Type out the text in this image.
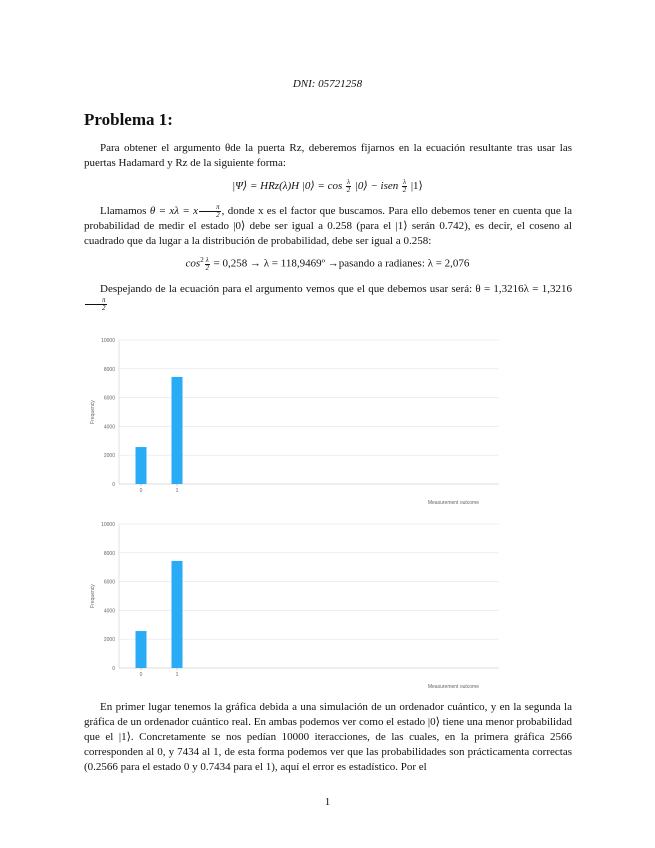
DNI: 05721258
Problema 1:

Para obtener el argumento θde la puerta Rz, deberemos fijarnos en la ecuación resultante tras usar las puertas Hadamard y Rz de la siguiente forma:

|Ψ⟩ = HRz(λ)H |0⟩ = $\cos \frac{\lambda}{2}$ |0⟩ − isen $\frac{\lambda}{2}$ |1⟩

Llamamos θ = xλ = x $\frac{\pi}{2}$ , donde x es el factor que buscamos. Para ello debemos tener en cuenta que la probabilidad de medir el estado |0⟩ debe ser igual a 0.258 (para el |1⟩ serán 0.742), es decir, el coseno al cuadrado que da lugar a la distribución de probabilidad, debe ser igual a 0.258:

$\cos^2 \frac{\lambda}{2} = 0,258 \to \lambda$ = 118,9469º →pasando a radianes: λ = 2,076

Despejando de la ecuación para el argumento vemos que el que debemos usar será: θ = 1,3216λ = 1,3216
$\frac{\pi}{2}$

0
2000
4000
6000
8000
10000
Frequency
0	1
Measurement outcome
0
2000
4000
6000
8000
10000
Frequency
0	1
Measurement outcome

En primer lugar tenemos la gráfica debida a una simulación de un ordenador cuántico, y en la segunda la gráfica de un ordenador cuántico real. En ambas podemos ver como el estado |0⟩ tiene una menor probabilidad que el |1⟩. Concretamente se nos pedían 10000 iteracciones, de las cuales, en la primera gráfica 2566 corresponden al 0, y 7434 al 1, de esta forma podemos ver que las probabilidades son prácticamenta correctas (0.2566 para el estado 0 y 0.7434 para el 1), aquí el error es estadístico. Por el

1
